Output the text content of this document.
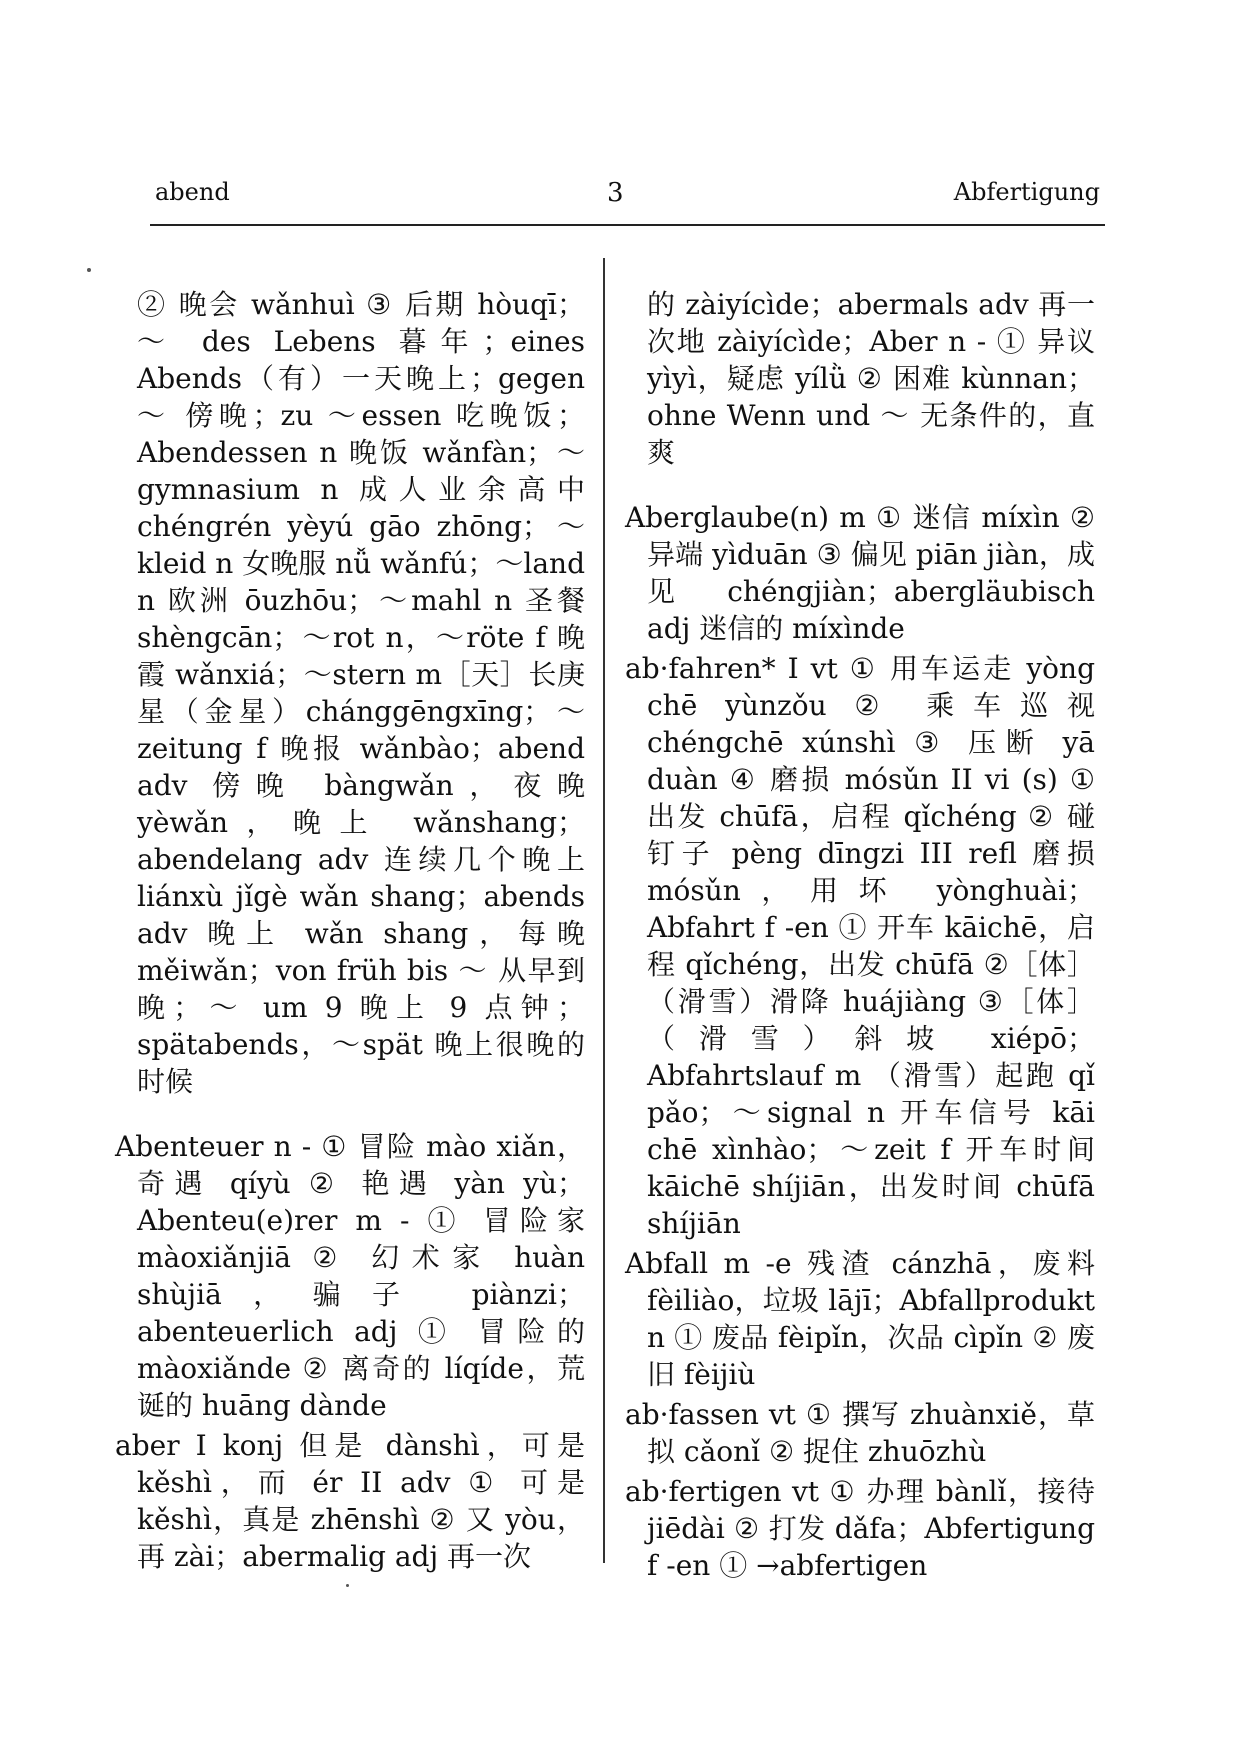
abend	3	Abfertigung

② 晚会 wǎnhuì ③ 后期 hòuqī；～ des Lebens 暮年；eines Abends（有）一天晚上；gegen ～ 傍晚；zu ～essen 吃晚饭；Abendessen n 晚饭 wǎnfàn；～gymnasium n 成人业余高中 chéngrén yèyú gāo zhōng；～kleid n 女晚服 nǚ wǎnfú；～land n 欧洲 ōuzhōu；～mahl n 圣餐 shèngcān；～rot n，～röte f 晚霞 wǎnxiá；～stern m［天］长庚星（金星）chánggēngxīng；～zeitung f 晚报 wǎnbào；abend adv 傍晚 bàngwǎn，夜晚 yèwǎn，晚上 wǎnshang；abendelang adv 连续几个晚上 liánxù jǐgè wǎn shang；abends adv 晚上 wǎn shang，每晚 měiwǎn；von früh bis ～ 从早到晚；～ um 9 晚上 9 点钟；spätabends，～spät 晚上很晚的时候

Abenteuer n - ① 冒险 mào xiǎn，奇遇 qíyù ② 艳遇 yàn yù；Abenteu(e)rer m - ① 冒险家 màoxiǎnjiā ② 幻术家 huàn shùjiā，骗子 piànzi；abenteuerlich adj ① 冒险的 màoxiǎnde ② 离奇的 líqíde，荒诞的 huāng dànde

aber I konj 但是 dànshì，可是 kěshì，而 ér II adv ① 可是 kěshì，真是 zhēnshì ② 又 yòu，再 zài；abermalig adj 再一次

的 zàiyícìde；abermals adv 再一次地 zàiyícìde；Aber n - ① 异议 yìyì，疑虑 yílǜ ② 困难 kùnnan；ohne Wenn und ～ 无条件的，直爽

Aberglaube(n) m ① 迷信 míxìn ② 异端 yìduān ③ 偏见 piān jiàn，成见 chéngjiàn；abergläubisch adj 迷信的 míxìnde

ab·fahren* I vt ① 用车运走 yòng chē yùnzǒu ② 乘车巡视 chéngchē xúnshì ③ 压断 yā duàn ④ 磨损 mósǔn II vi (s) ① 出发 chūfā，启程 qǐchéng ② 碰钉子 pèng dīngzi III refl 磨损 mósǔn，用坏 yònghuài；Abfahrt f -en ① 开车 kāichē，启程 qǐchéng，出发 chūfā ②［体］（滑雪）滑降 huájiàng ③［体］（滑雪）斜坡 xiépō；Abfahrtslauf m （滑雪）起跑 qǐ pǎo；～signal n 开车信号 kāi chē xìnhào；～zeit f 开车时间 kāichē shíjiān，出发时间 chūfā shíjiān

Abfall m -e 残渣 cánzhā，废料 fèiliào，垃圾 lājī；Abfallprodukt n ① 废品 fèipǐn，次品 cìpǐn ② 废旧 fèijiù

ab·fassen vt ① 撰写 zhuànxiě，草拟 cǎonǐ ② 捉住 zhuōzhù

ab·fertigen vt ① 办理 bànlǐ，接待 jiēdài ② 打发 dǎfa；Abfertigung f -en ① →abfertigen
